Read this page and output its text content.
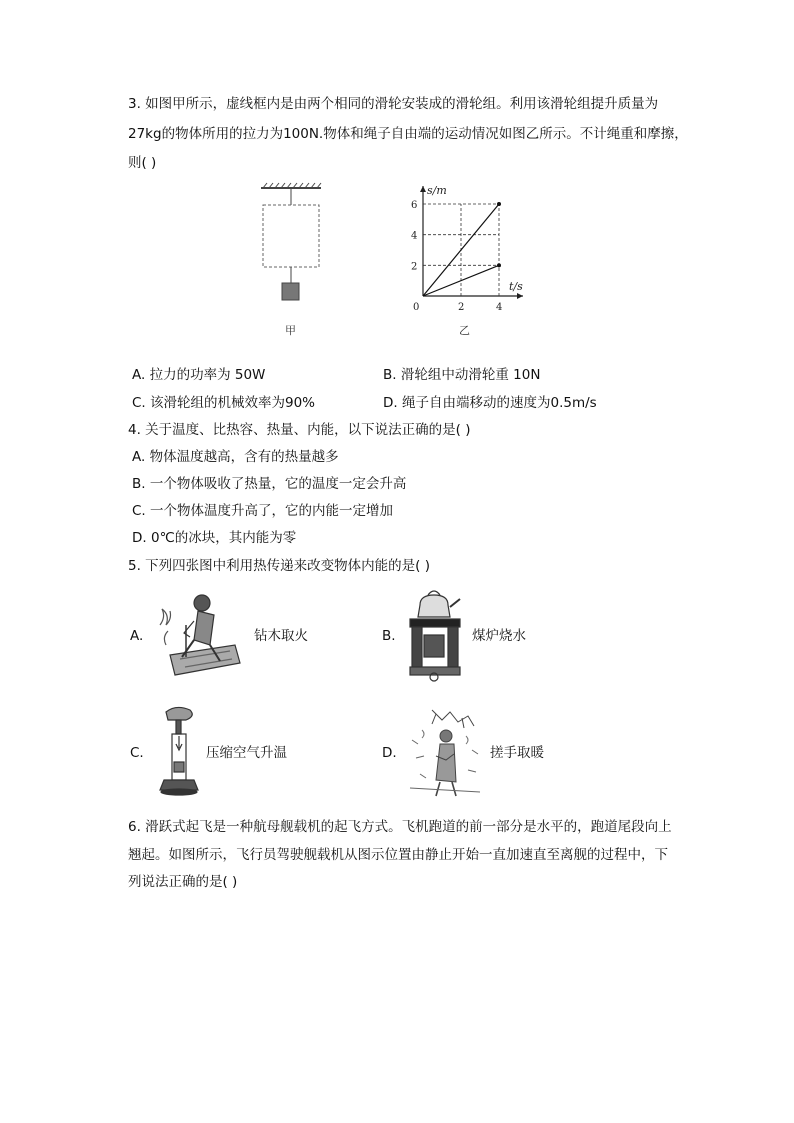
3. 如图甲所示，虚线框内是由两个相同的滑轮安装成的滑轮组。利用该滑轮组提升质量为
27kg的物体所用的拉力为100N.物体和绳子自由端的运动情况如图乙所示。不计绳重和摩擦，
则( )
甲
2
4
6
2	4
0
s/m
t/s
乙
A. 拉力的功率为 50W	B. 滑轮组中动滑轮重 10N
C. 该滑轮组的机械效率为90%	D. 绳子自由端移动的速度为0.5m/s
4. 关于温度、比热容、热量、内能，以下说法正确的是( )
A. 物体温度越高，含有的热量越多
B. 一个物体吸收了热量，它的温度一定会升高
C. 一个物体温度升高了，它的内能一定增加
D. 0℃的冰块，其内能为零
5. 下列四张图中利用热传递来改变物体内能的是( )
A.	钻木取火	B.	煤炉烧水
C.	压缩空气升温	D.	搓手取暖
6. 滑跃式起飞是一种航母舰载机的起飞方式。飞机跑道的前一部分是水平的，跑道尾段向上
翘起。如图所示，飞行员驾驶舰载机从图示位置由静止开始一直加速直至离舰的过程中，下
列说法正确的是( )
